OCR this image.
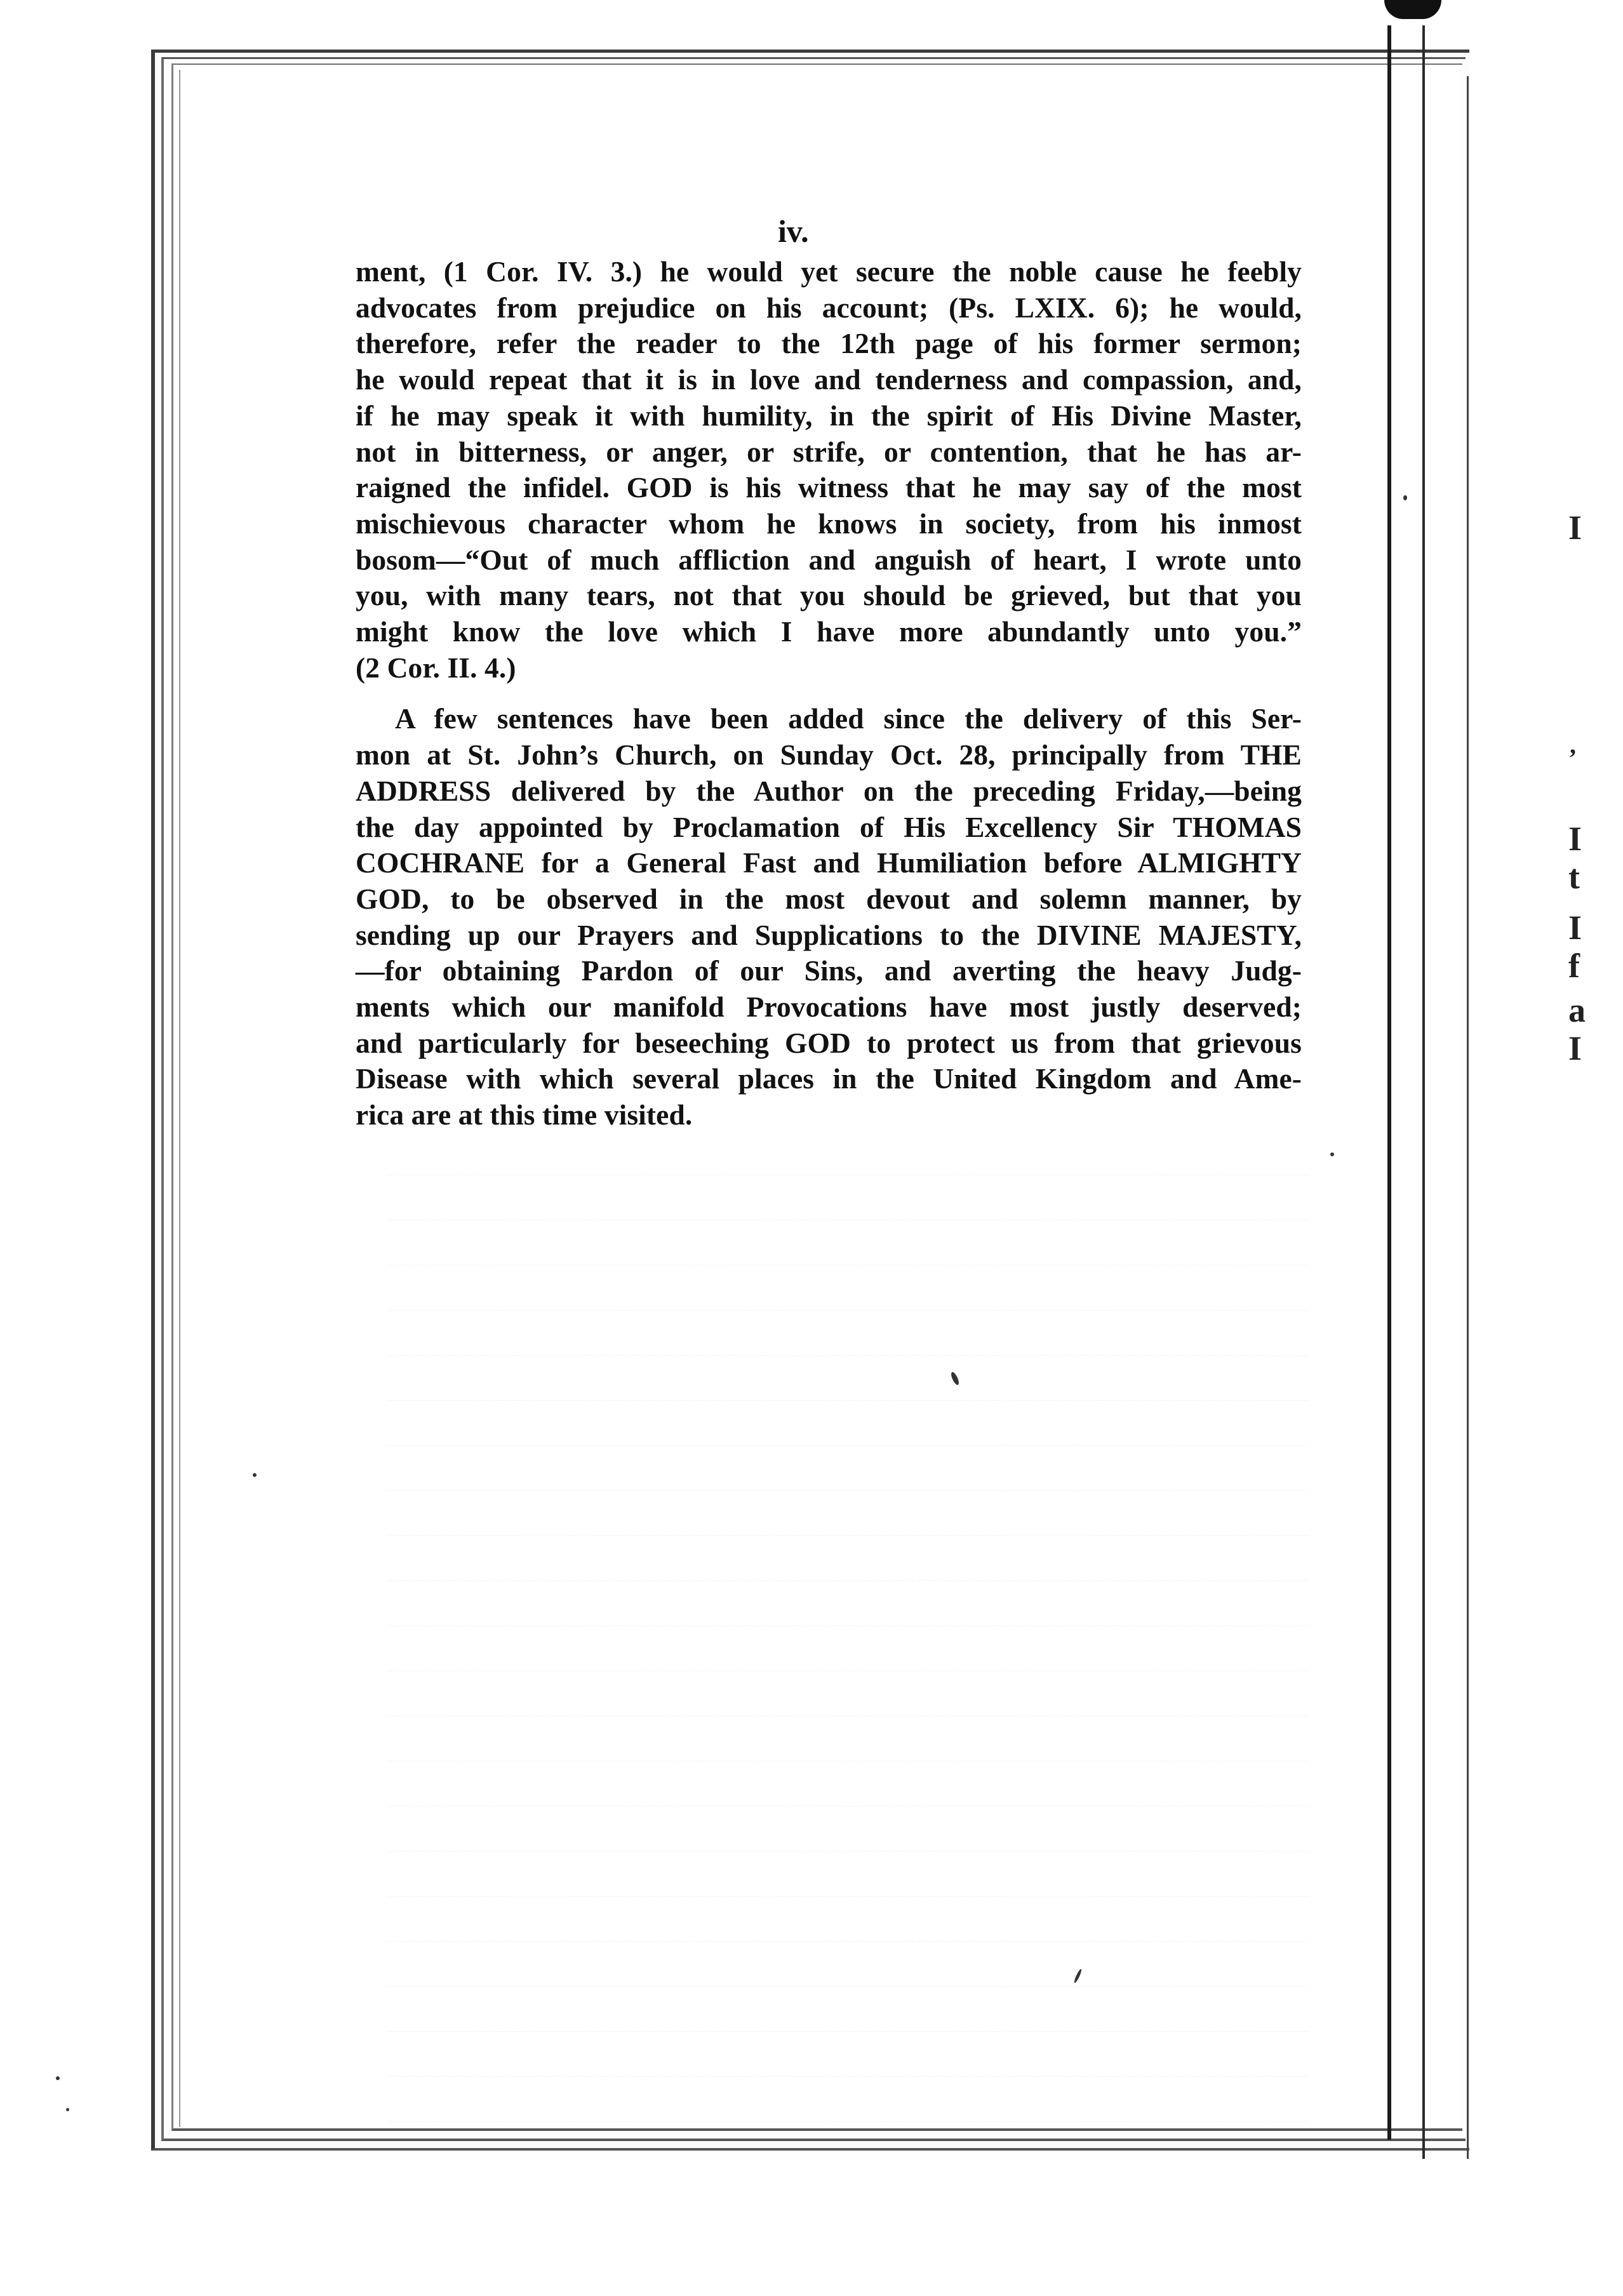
I
’
I
t
I
f
a
I
iv.
ment, (1 Cor. IV. 3.) he would yet secure the noble cause he feebly
advocates from prejudice on his account; (Ps. LXIX. 6); he would,
therefore, refer the reader to the 12th page of his former sermon;
he would repeat that it is in love and tenderness and compassion, and,
if he may speak it with humility, in the spirit of His Divine Master,
not in bitterness, or anger, or strife, or contention, that he has ar-
raigned the infidel. GOD is his witness that he may say of the most
mischievous character whom he knows in society, from his inmost
bosom—“Out of much affliction and anguish of heart, I wrote unto
you, with many tears, not that you should be grieved, but that you
might know the love which I have more abundantly unto you.”
(2 Cor. II. 4.)
A few sentences have been added since the delivery of this Ser-
mon at St. John’s Church, on Sunday Oct. 28, principally from THE
ADDRESS delivered by the Author on the preceding Friday,—being
the day appointed by Proclamation of His Excellency Sir THOMAS
COCHRANE for a General Fast and Humiliation before ALMIGHTY
GOD, to be observed in the most devout and solemn manner, by
sending up our Prayers and Supplications to the DIVINE MAJESTY,
—for obtaining Pardon of our Sins, and averting the heavy Judg-
ments which our manifold Provocations have most justly deserved;
and particularly for beseeching GOD to protect us from that grievous
Disease with which several places in the United Kingdom and Ame-
rica are at this time visited.
